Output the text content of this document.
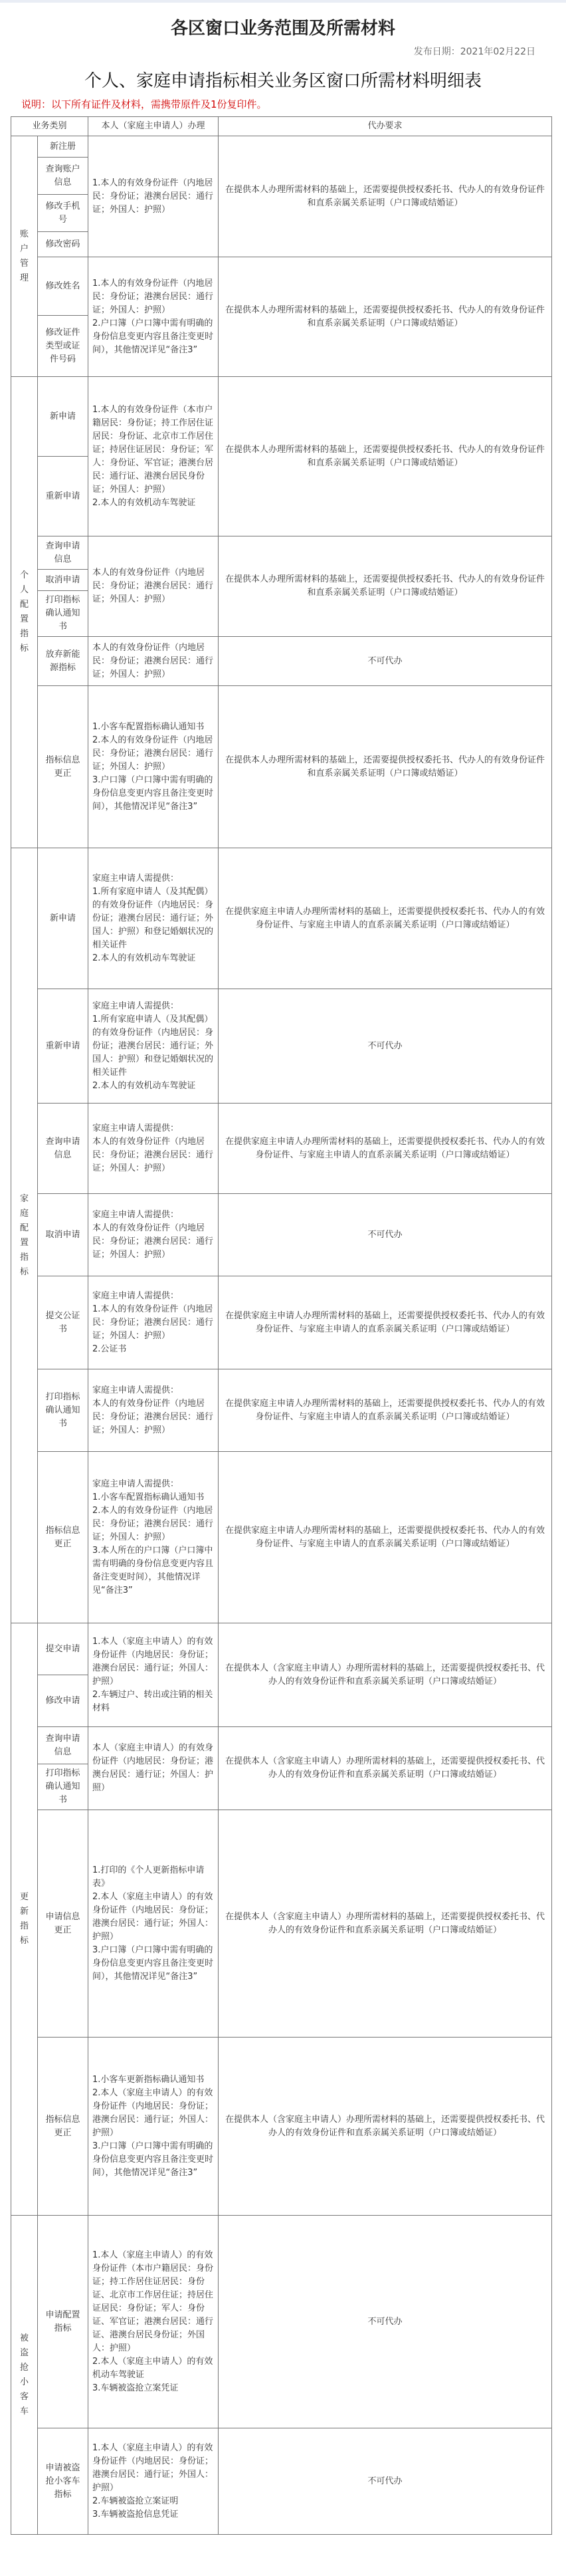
各区窗口业务范围及所需材料
发布日期：2021年02月22日
个人、家庭申请指标相关业务区窗口所需材料明细表
说明：以下所有证件及材料，需携带原件及1份复印件。
业务类别		本人（家庭主申请人）办理	代办要求

账户管理	新注册	1.本人的有效身份证件（内地居民：身份证；港澳台居民：通行证；外国人：护照）	在提供本人办理所需材料的基础上，还需要提供授权委托书、代办人的有效身份证件和直系亲属关系证明（户口簿或结婚证）
	查询账户信息		
	修改手机号		
	修改密码		
	修改姓名	1.本人的有效身份证件（内地居民：身份证；港澳台居民：通行证；外国人：护照）
2.户口簿（户口簿中需有明确的身份信息变更内容且备注变更时间），其他情况详见“备注3”	在提供本人办理所需材料的基础上，还需要提供授权委托书、代办人的有效身份证件和直系亲属关系证明（户口簿或结婚证）
	修改证件类型或证件号码		

个人配置指标	新申请	1.本人的有效身份证件（本市户籍居民：身份证；持工作居住证居民：身份证、北京市工作居住证；持居住证居民：身份证；军人：身份证、军官证；港澳台居民：通行证、港澳台居民身份证；外国人：护照）
2.本人的有效机动车驾驶证	在提供本人办理所需材料的基础上，还需要提供授权委托书、代办人的有效身份证件和直系亲属关系证明（户口簿或结婚证）
	重新申请		
	查询申请信息	本人的有效身份证件（内地居民：身份证；港澳台居民：通行证；外国人：护照）	在提供本人办理所需材料的基础上，还需要提供授权委托书、代办人的有效身份证件和直系亲属关系证明（户口簿或结婚证）
	取消申请		
	打印指标确认通知书		
	放弃新能源指标	本人的有效身份证件（内地居民：身份证；港澳台居民：通行证；外国人：护照）	不可代办
	指标信息更正	1.小客车配置指标确认通知书
2.本人的有效身份证件（内地居民：身份证；港澳台居民：通行证；外国人：护照）
3.户口簿（户口簿中需有明确的身份信息变更内容且备注变更时间），其他情况详见“备注3”	在提供本人办理所需材料的基础上，还需要提供授权委托书、代办人的有效身份证件和直系亲属关系证明（户口簿或结婚证）

家庭配置指标	新申请	家庭主申请人需提供：
1.所有家庭申请人（及其配偶）的有效身份证件（内地居民：身份证；港澳台居民：通行证；外国人：护照）和登记婚姻状况的相关证件
2.本人的有效机动车驾驶证	在提供家庭主申请人办理所需材料的基础上，还需要提供授权委托书、代办人的有效身份证件、与家庭主申请人的直系亲属关系证明（户口簿或结婚证）
	重新申请	家庭主申请人需提供：
1.所有家庭申请人（及其配偶）的有效身份证件（内地居民：身份证；港澳台居民：通行证；外国人：护照）和登记婚姻状况的相关证件
2.本人的有效机动车驾驶证	不可代办
	查询申请信息	家庭主申请人需提供：
本人的有效身份证件（内地居民：身份证；港澳台居民：通行证；外国人：护照）	在提供家庭主申请人办理所需材料的基础上，还需要提供授权委托书、代办人的有效身份证件、与家庭主申请人的直系亲属关系证明（户口簿或结婚证）
	取消申请	家庭主申请人需提供：
本人的有效身份证件（内地居民：身份证；港澳台居民：通行证；外国人：护照）	不可代办
	提交公证书	家庭主申请人需提供：
1.本人的有效身份证件（内地居民：身份证；港澳台居民：通行证；外国人：护照）
2.公证书	在提供家庭主申请人办理所需材料的基础上，还需要提供授权委托书、代办人的有效身份证件、与家庭主申请人的直系亲属关系证明（户口簿或结婚证）
	打印指标确认通知书	家庭主申请人需提供：
本人的有效身份证件（内地居民：身份证；港澳台居民：通行证；外国人：护照）	在提供家庭主申请人办理所需材料的基础上，还需要提供授权委托书、代办人的有效身份证件、与家庭主申请人的直系亲属关系证明（户口簿或结婚证）
	指标信息更正	家庭主申请人需提供：
1.小客车配置指标确认通知书
2.本人的有效身份证件（内地居民：身份证；港澳台居民：通行证；外国人：护照）
3.本人所在的户口簿（户口簿中需有明确的身份信息变更内容且备注变更时间），其他情况详见“备注3”	在提供家庭主申请人办理所需材料的基础上，还需要提供授权委托书、代办人的有效身份证件、与家庭主申请人的直系亲属关系证明（户口簿或结婚证）

更新指标	提交申请	1.本人（家庭主申请人）的有效身份证件（内地居民：身份证；港澳台居民：通行证；外国人：护照）
2.车辆过户、转出或注销的相关材料	在提供本人（含家庭主申请人）办理所需材料的基础上，还需要提供授权委托书、代办人的有效身份证件和直系亲属关系证明（户口簿或结婚证）
	修改申请		
	查询申请信息	本人（家庭主申请人）的有效身份证件（内地居民：身份证；港澳台居民：通行证；外国人：护照）	在提供本人（含家庭主申请人）办理所需材料的基础上，还需要提供授权委托书、代办人的有效身份证件和直系亲属关系证明（户口簿或结婚证）
	打印指标确认通知书		
	申请信息更正	1.打印的《个人更新指标申请表》
2.本人（家庭主申请人）的有效身份证件（内地居民：身份证；港澳台居民：通行证；外国人：护照）
3.户口簿（户口簿中需有明确的身份信息变更内容且备注变更时间），其他情况详见“备注3”	在提供本人（含家庭主申请人）办理所需材料的基础上，还需要提供授权委托书、代办人的有效身份证件和直系亲属关系证明（户口簿或结婚证）
	指标信息更正	1.小客车更新指标确认通知书
2.本人（家庭主申请人）的有效身份证件（内地居民：身份证；港澳台居民：通行证；外国人：护照）
3.户口簿（户口簿中需有明确的身份信息变更内容且备注变更时间），其他情况详见“备注3”	在提供本人（含家庭主申请人）办理所需材料的基础上，还需要提供授权委托书、代办人的有效身份证件和直系亲属关系证明（户口簿或结婚证）

被盗抢小客车	申请配置指标	1.本人（家庭主申请人）的有效身份证件（本市户籍居民：身份证；持工作居住证居民：身份证、北京市工作居住证；持居住证居民：身份证；军人：身份证、军官证；港澳台居民：通行证、港澳台居民身份证；外国人：护照）
2.本人（家庭主申请人）的有效机动车驾驶证
3.车辆被盗抢立案凭证	不可代办
	申请被盗抢小客车指标	1.本人（家庭主申请人）的有效身份证件（内地居民：身份证；港澳台居民：通行证；外国人：护照）
2.车辆被盗抢立案证明
3.车辆被盗抢信息凭证	不可代办
